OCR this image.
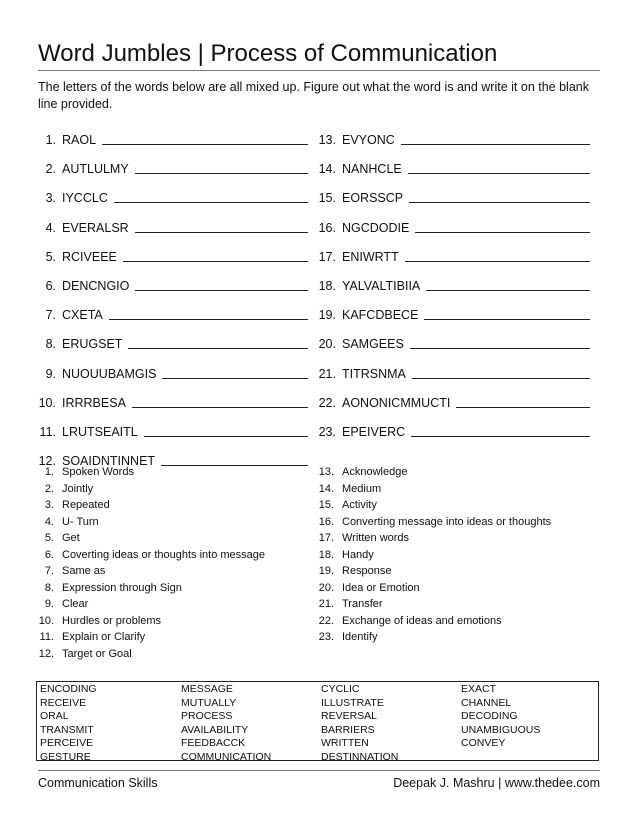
Word Jumbles | Process of Communication
The letters of the words below are all mixed up. Figure out what the word is and write it on the blank line provided.
1. RAOL
2. AUTLULMY
3. IYCCLC
4. EVERALSR
5. RCIVEEE
6. DENCNGIO
7. CXETA
8. ERUGSET
9. NUOUUBAMGIS
10. IRRRBESA
11. LRUTSEAITL
12. SOAIDNTINNET
13. EVYONC
14. NANHCLE
15. EORSSCP
16. NGCDODIE
17. ENIWRTT
18. YALVALTIBIIA
19. KAFCDBECE
20. SAMGEES
21. TITRSNMA
22. AONONICMMUCTI
23. EPEIVERC
1. Spoken Words
2. Jointly
3. Repeated
4. U- Turn
5. Get
6. Coverting ideas or thoughts into message
7. Same as
8. Expression through Sign
9. Clear
10. Hurdles or problems
11. Explain or Clarify
12. Target or Goal
13. Acknowledge
14. Medium
15. Activity
16. Converting message into ideas or thoughts
17. Written words
18. Handy
19. Response
20. Idea or Emotion
21. Transfer
22. Exchange of ideas and emotions
23. Identify
ENCODING
RECEIVE
ORAL
TRANSMIT
PERCEIVE
GESTURE
MESSAGE
MUTUALLY
PROCESS
AVAILABILITY
FEEDBACCK
COMMUNICATION
CYCLIC
ILLUSTRATE
REVERSAL
BARRIERS
WRITTEN
DESTINNATION
EXACT
CHANNEL
DECODING
UNAMBIGUOUS
CONVEY
Communication Skills	Deepak J. Mashru | www.thedee.com
